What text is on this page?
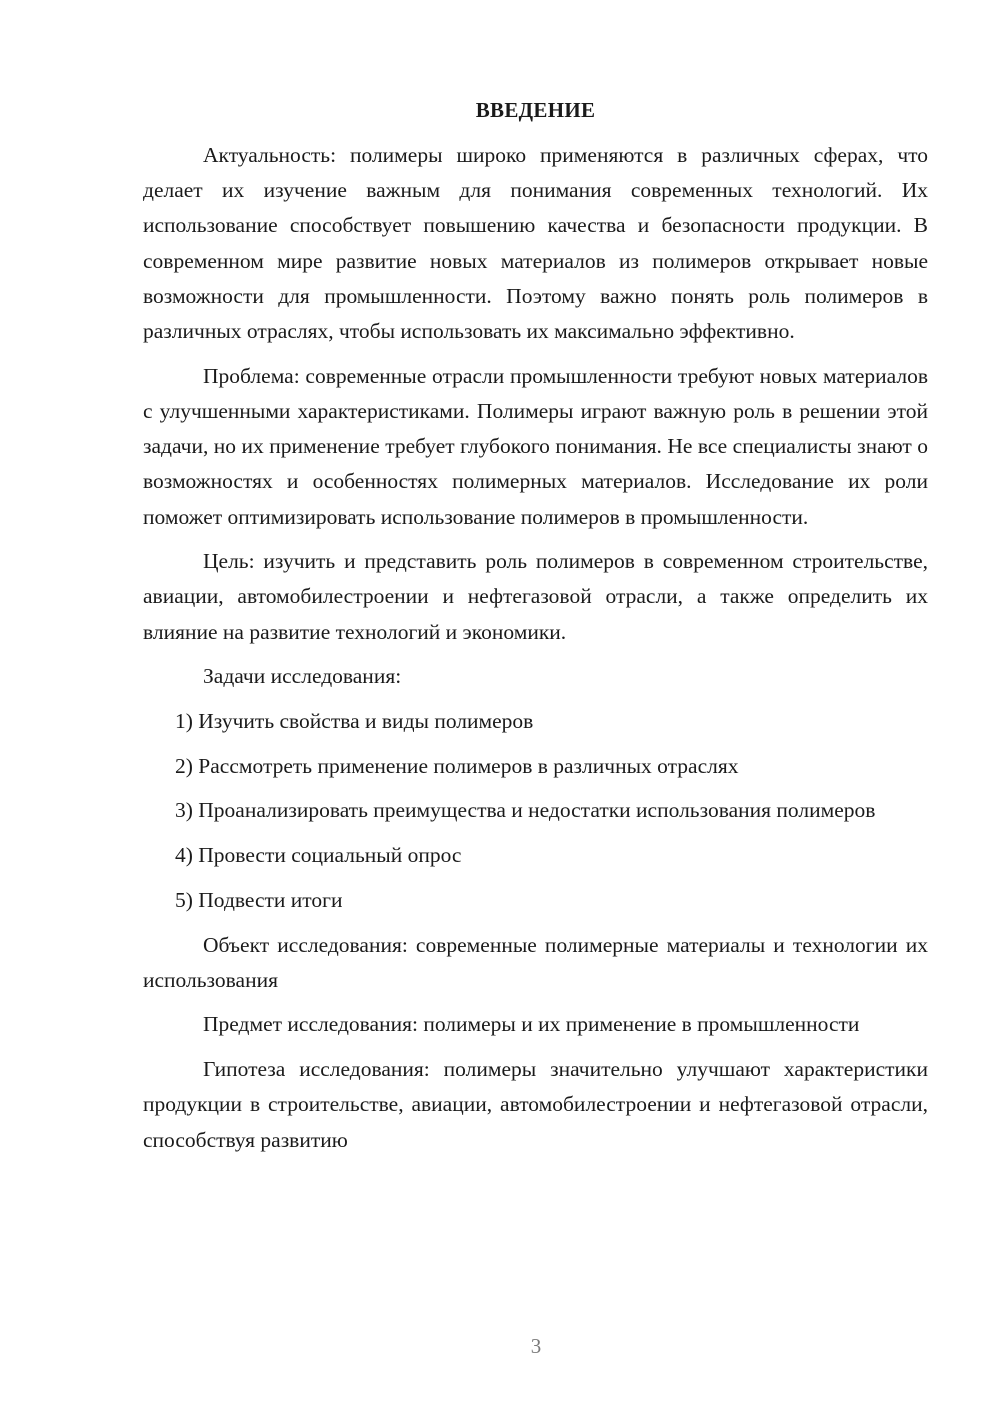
ВВЕДЕНИЕ

Актуальность: полимеры широко применяются в различных сферах, что делает их изучение важным для понимания современных технологий. Их использование способствует повышению качества и безопасности продукции. В современном мире развитие новых материалов из полимеров открывает новые возможности для промышленности. Поэтому важно понять роль полимеров в различных отраслях, чтобы использовать их максимально эффективно.

Проблема: современные отрасли промышленности требуют новых материалов с улучшенными характеристиками. Полимеры играют важную роль в решении этой задачи, но их применение требует глубокого понимания. Не все специалисты знают о возможностях и особенностях полимерных материалов. Исследование их роли поможет оптимизировать использование полимеров в промышленности.

Цель: изучить и представить роль полимеров в современном строительстве, авиации, автомобилестроении и нефтегазовой отрасли, а также определить их влияние на развитие технологий и экономики.

Задачи исследования:

1) Изучить свойства и виды полимеров

2) Рассмотреть применение полимеров в различных отраслях

3) Проанализировать преимущества и недостатки использования полимеров

4) Провести социальный опрос

5) Подвести итоги

Объект исследования: современные полимерные материалы и технологии их использования

Предмет исследования: полимеры и их применение в промышленности

Гипотеза исследования: полимеры значительно улучшают характеристики продукции в строительстве, авиации, автомобилестроении и нефтегазовой отрасли, способствуя развитию

3
